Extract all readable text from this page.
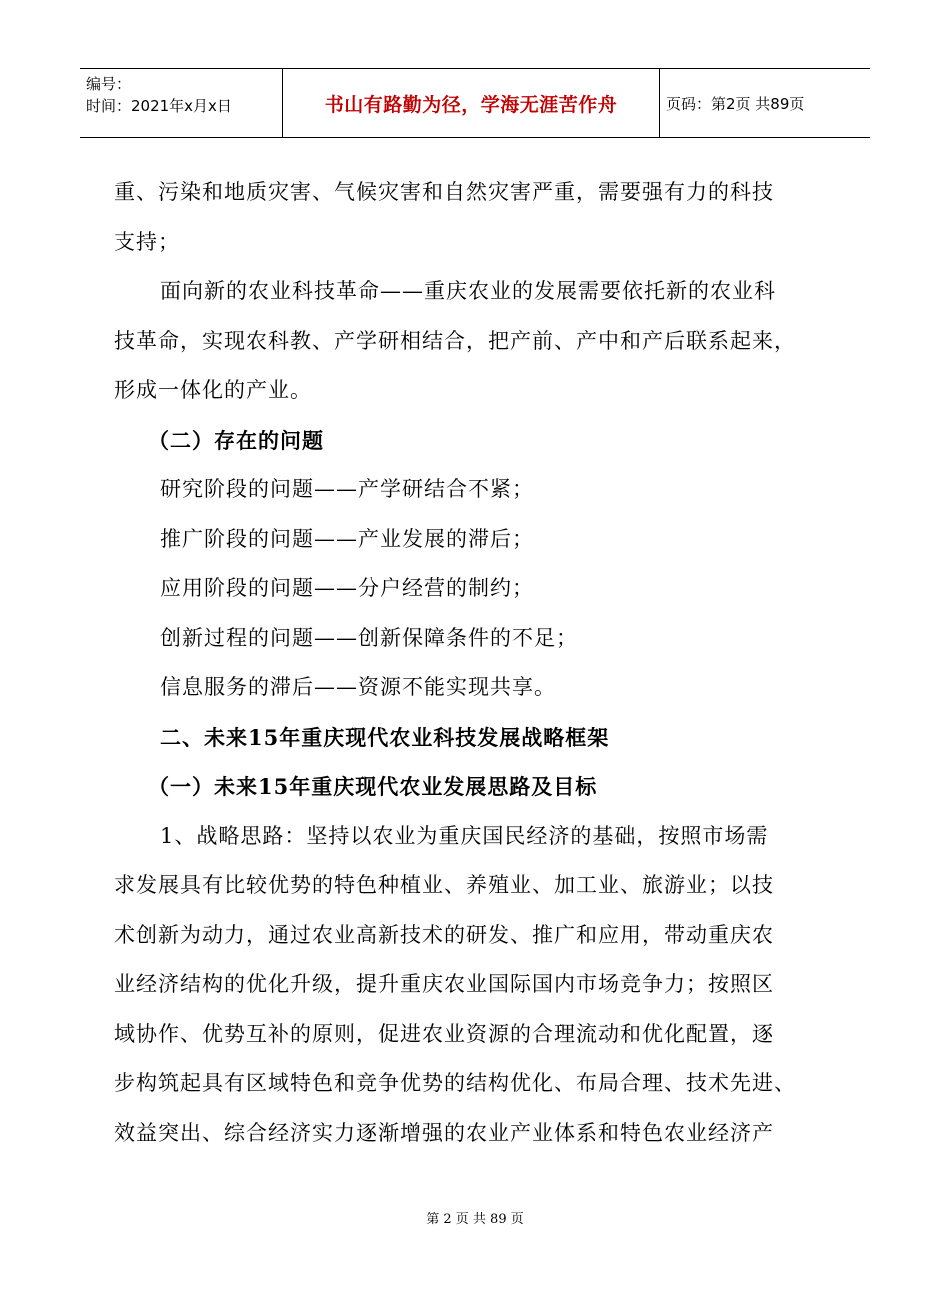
编号：
时间：2021年x月x日	书山有路勤为径，学海无涯苦作舟	页码：第2页 共89页
重、污染和地质灾害、气候灾害和自然灾害严重，需要强有力的科技
支持；
面向新的农业科技革命——重庆农业的发展需要依托新的农业科
技革命，实现农科教、产学研相结合，把产前、产中和产后联系起来，
形成一体化的产业。
（二）存在的问题
研究阶段的问题——产学研结合不紧；
推广阶段的问题——产业发展的滞后；
应用阶段的问题——分户经营的制约；
创新过程的问题——创新保障条件的不足；
信息服务的滞后——资源不能实现共享。
二、未来15年重庆现代农业科技发展战略框架
（一）未来15年重庆现代农业发展思路及目标
1、战略思路：坚持以农业为重庆国民经济的基础，按照市场需
求发展具有比较优势的特色种植业、养殖业、加工业、旅游业；以技
术创新为动力，通过农业高新技术的研发、推广和应用，带动重庆农
业经济结构的优化升级，提升重庆农业国际国内市场竞争力；按照区
域协作、优势互补的原则，促进农业资源的合理流动和优化配置，逐
步构筑起具有区域特色和竞争优势的结构优化、布局合理、技术先进、
效益突出、综合经济实力逐渐增强的农业产业体系和特色农业经济产
第 2 页 共 89 页
